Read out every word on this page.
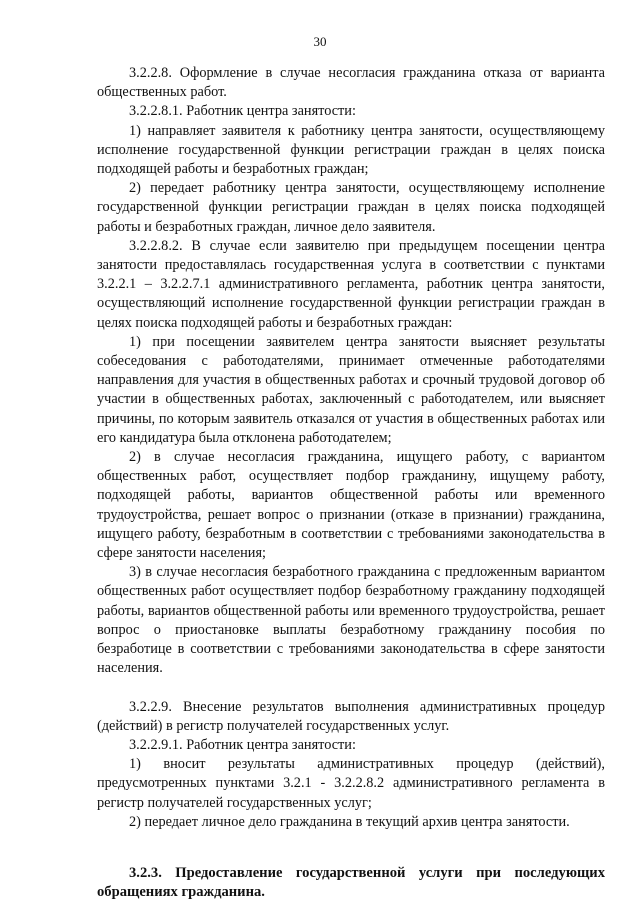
30

3.2.2.8. Оформление в случае несогласия гражданина отказа от варианта общественных работ.

3.2.2.8.1. Работник центра занятости:

1) направляет заявителя к работнику центра занятости, осуществляющему исполнение государственной функции регистрации граждан в целях поиска подходящей работы и безработных граждан;

2) передает работнику центра занятости, осуществляющему исполнение государственной функции регистрации граждан в целях поиска подходящей работы и безработных граждан, личное дело заявителя.

3.2.2.8.2. В случае если заявителю при предыдущем посещении центра занятости предоставлялась государственная услуга в соответствии с пунктами 3.2.2.1 – 3.2.2.7.1 административного регламента, работник центра занятости, осуществляющий исполнение государственной функции регистрации граждан в целях поиска подходящей работы и безработных граждан:

1) при посещении заявителем центра занятости выясняет результаты собеседования с работодателями, принимает отмеченные работодателями направления для участия в общественных работах и срочный трудовой договор об участии в общественных работах, заключенный с работодателем, или выясняет причины, по которым заявитель отказался от участия в общественных работах или его кандидатура была отклонена работодателем;

2) в случае несогласия гражданина, ищущего работу, с вариантом общественных работ, осуществляет подбор гражданину, ищущему работу, подходящей работы, вариантов общественной работы или временного трудоустройства, решает вопрос о признании (отказе в признании) гражданина, ищущего работу, безработным в соответствии с требованиями законодательства в сфере занятости населения;

3) в случае несогласия безработного гражданина с предложенным вариантом общественных работ осуществляет подбор безработному гражданину подходящей работы, вариантов общественной работы или временного трудоустройства, решает вопрос о приостановке выплаты безработному гражданину пособия по безработице в соответствии с требованиями законодательства в сфере занятости населения.

3.2.2.9. Внесение результатов выполнения административных процедур (действий) в регистр получателей государственных услуг.

3.2.2.9.1. Работник центра занятости:

1) вносит результаты административных процедур (действий), предусмотренных пунктами 3.2.1 - 3.2.2.8.2 административного регламента в регистр получателей государственных услуг;

2) передает личное дело гражданина в текущий архив центра занятости.

3.2.3. Предоставление государственной услуги при последующих обращениях гражданина.
